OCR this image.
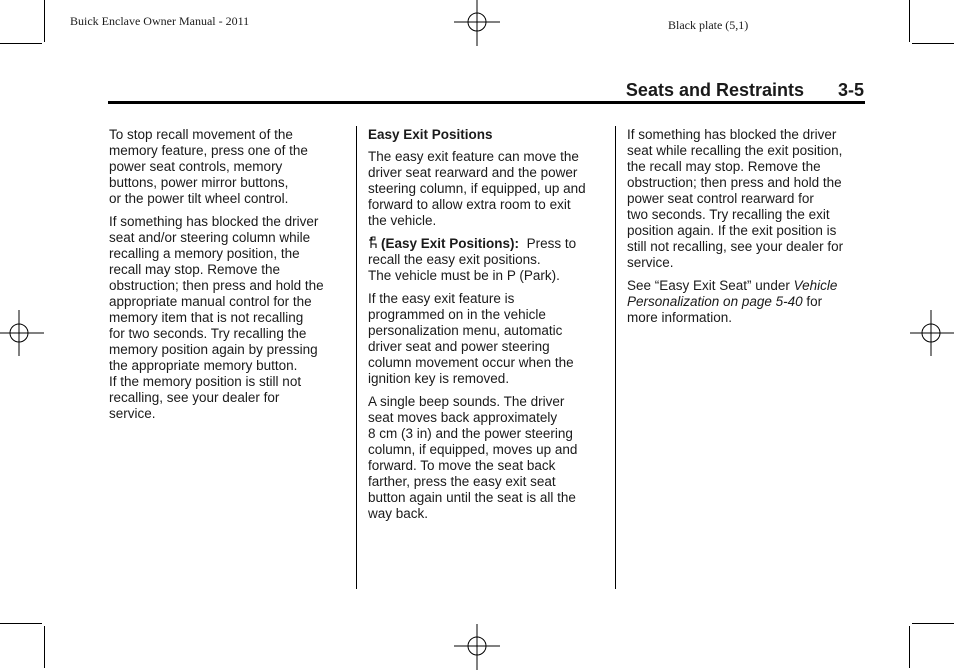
Buick Enclave Owner Manual - 2011	Black plate (5,1)
Seats and Restraints 3-5

To stop recall movement of the
memory feature, press one of the
power seat controls, memory
buttons, power mirror buttons,
or the power tilt wheel control.

If something has blocked the driver
seat and/or steering column while
recalling a memory position, the
recall may stop. Remove the
obstruction; then press and hold the
appropriate manual control for the
memory item that is not recalling
for two seconds. Try recalling the
memory position again by pressing
the appropriate memory button.
If the memory position is still not
recalling, see your dealer for
service.

Easy Exit Positions

The easy exit feature can move the
driver seat rearward and the power
steering column, if equipped, up and
forward to allow extra room to exit
the vehicle.

(Easy Exit Positions): Press to
recall the easy exit positions.
The vehicle must be in P (Park).

If the easy exit feature is
programmed on in the vehicle
personalization menu, automatic
driver seat and power steering
column movement occur when the
ignition key is removed.

A single beep sounds. The driver
seat moves back approximately
8 cm (3 in) and the power steering
column, if equipped, moves up and
forward. To move the seat back
farther, press the easy exit seat
button again until the seat is all the
way back.

If something has blocked the driver
seat while recalling the exit position,
the recall may stop. Remove the
obstruction; then press and hold the
power seat control rearward for
two seconds. Try recalling the exit
position again. If the exit position is
still not recalling, see your dealer for
service.

See “Easy Exit Seat” under Vehicle
Personalization on page 5-40 for
more information.
